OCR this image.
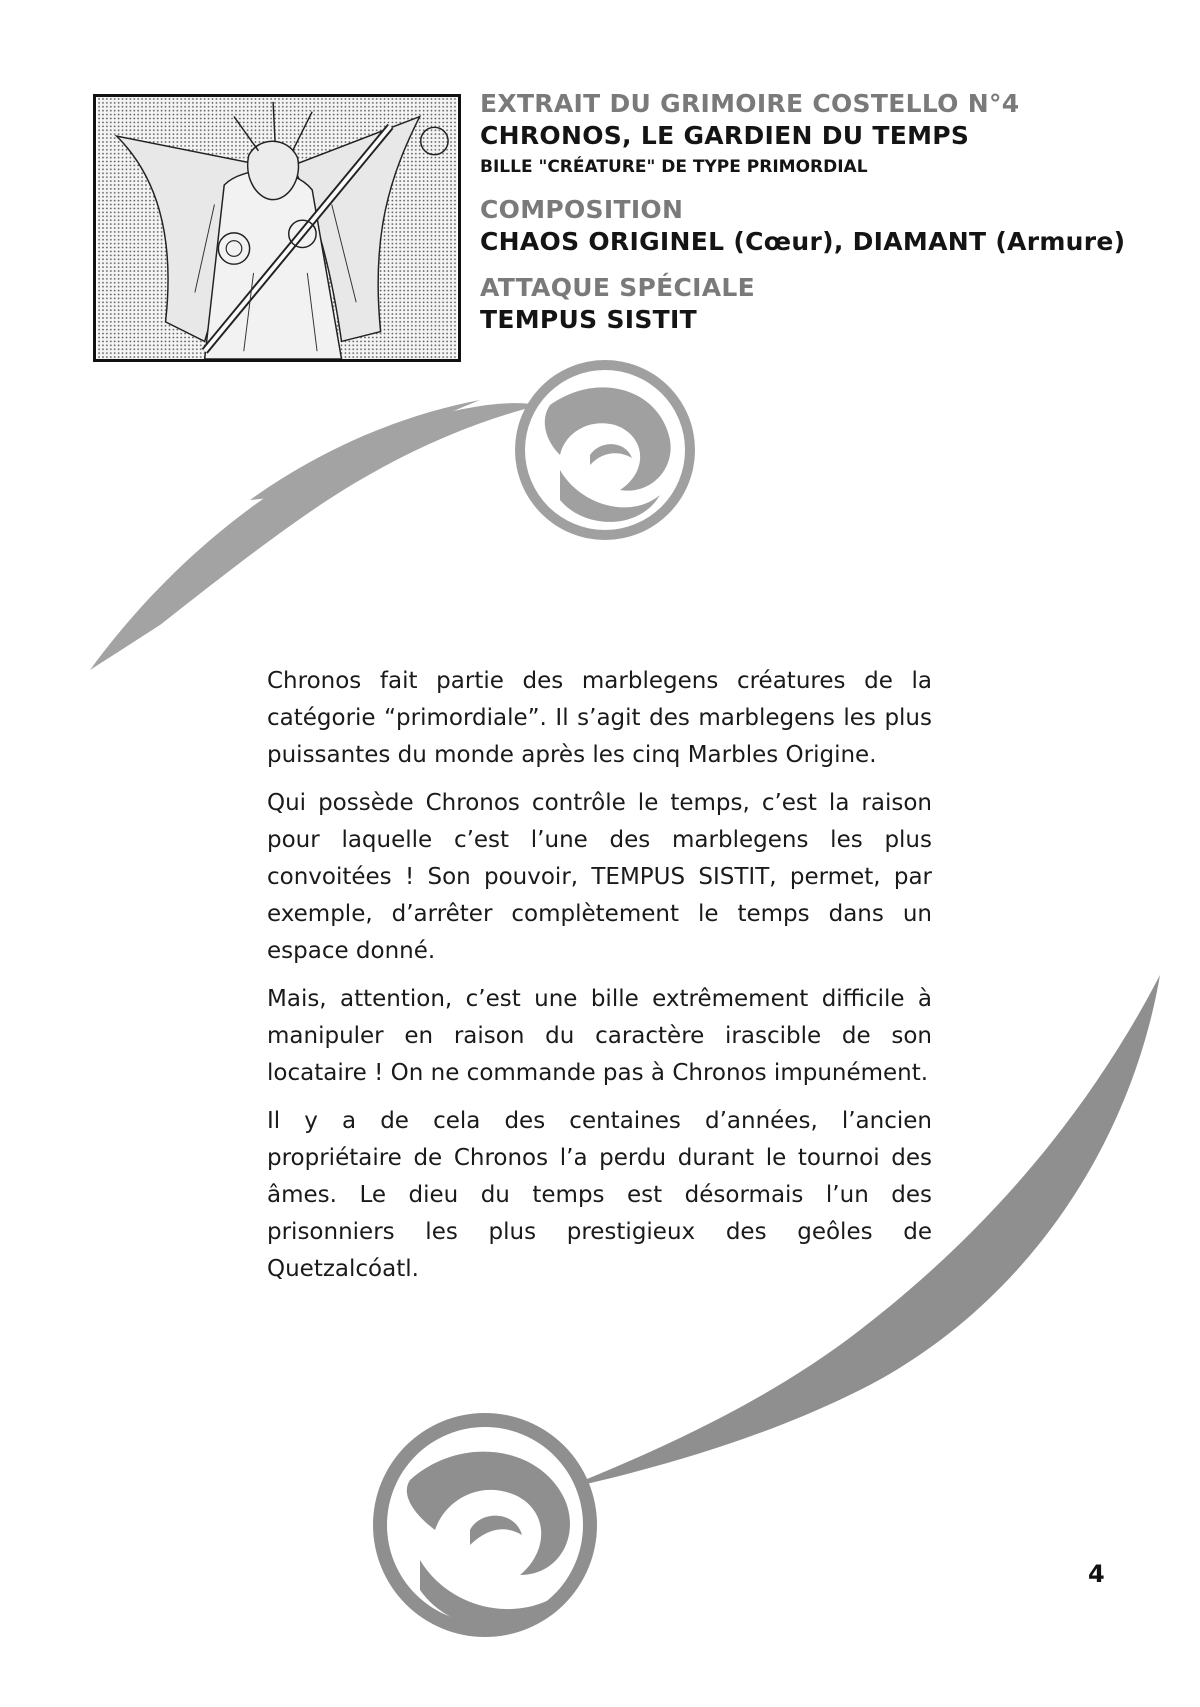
EXTRAIT DU GRIMOIRE COSTELLO N°4
CHRONOS, LE GARDIEN DU TEMPS
BILLE "CRÉATURE" DE TYPE PRIMORDIAL
COMPOSITION
CHAOS ORIGINEL (Cœur), DIAMANT (Armure)
ATTAQUE SPÉCIALE
TEMPUS SISTIT

Chronos fait partie des marblegens créatures de la catégorie “primordiale”. Il s’agit des marblegens les plus puissantes du monde après les cinq Marbles Origine.

Qui possède Chronos contrôle le temps, c’est la raison pour laquelle c’est l’une des marblegens les plus convoitées ! Son pouvoir, TEMPUS SISTIT, permet, par exemple, d’arrêter complètement le temps dans un espace donné.

Mais, attention, c’est une bille extrêmement difficile à manipuler en raison du caractère irascible de son locataire ! On ne commande pas à Chronos impunément.

Il y a de cela des centaines d’années, l’ancien propriétaire de Chronos l’a perdu durant le tournoi des âmes. Le dieu du temps est désormais l’un des prisonniers les plus prestigieux des geôles de Quetzalcóatl.

4
